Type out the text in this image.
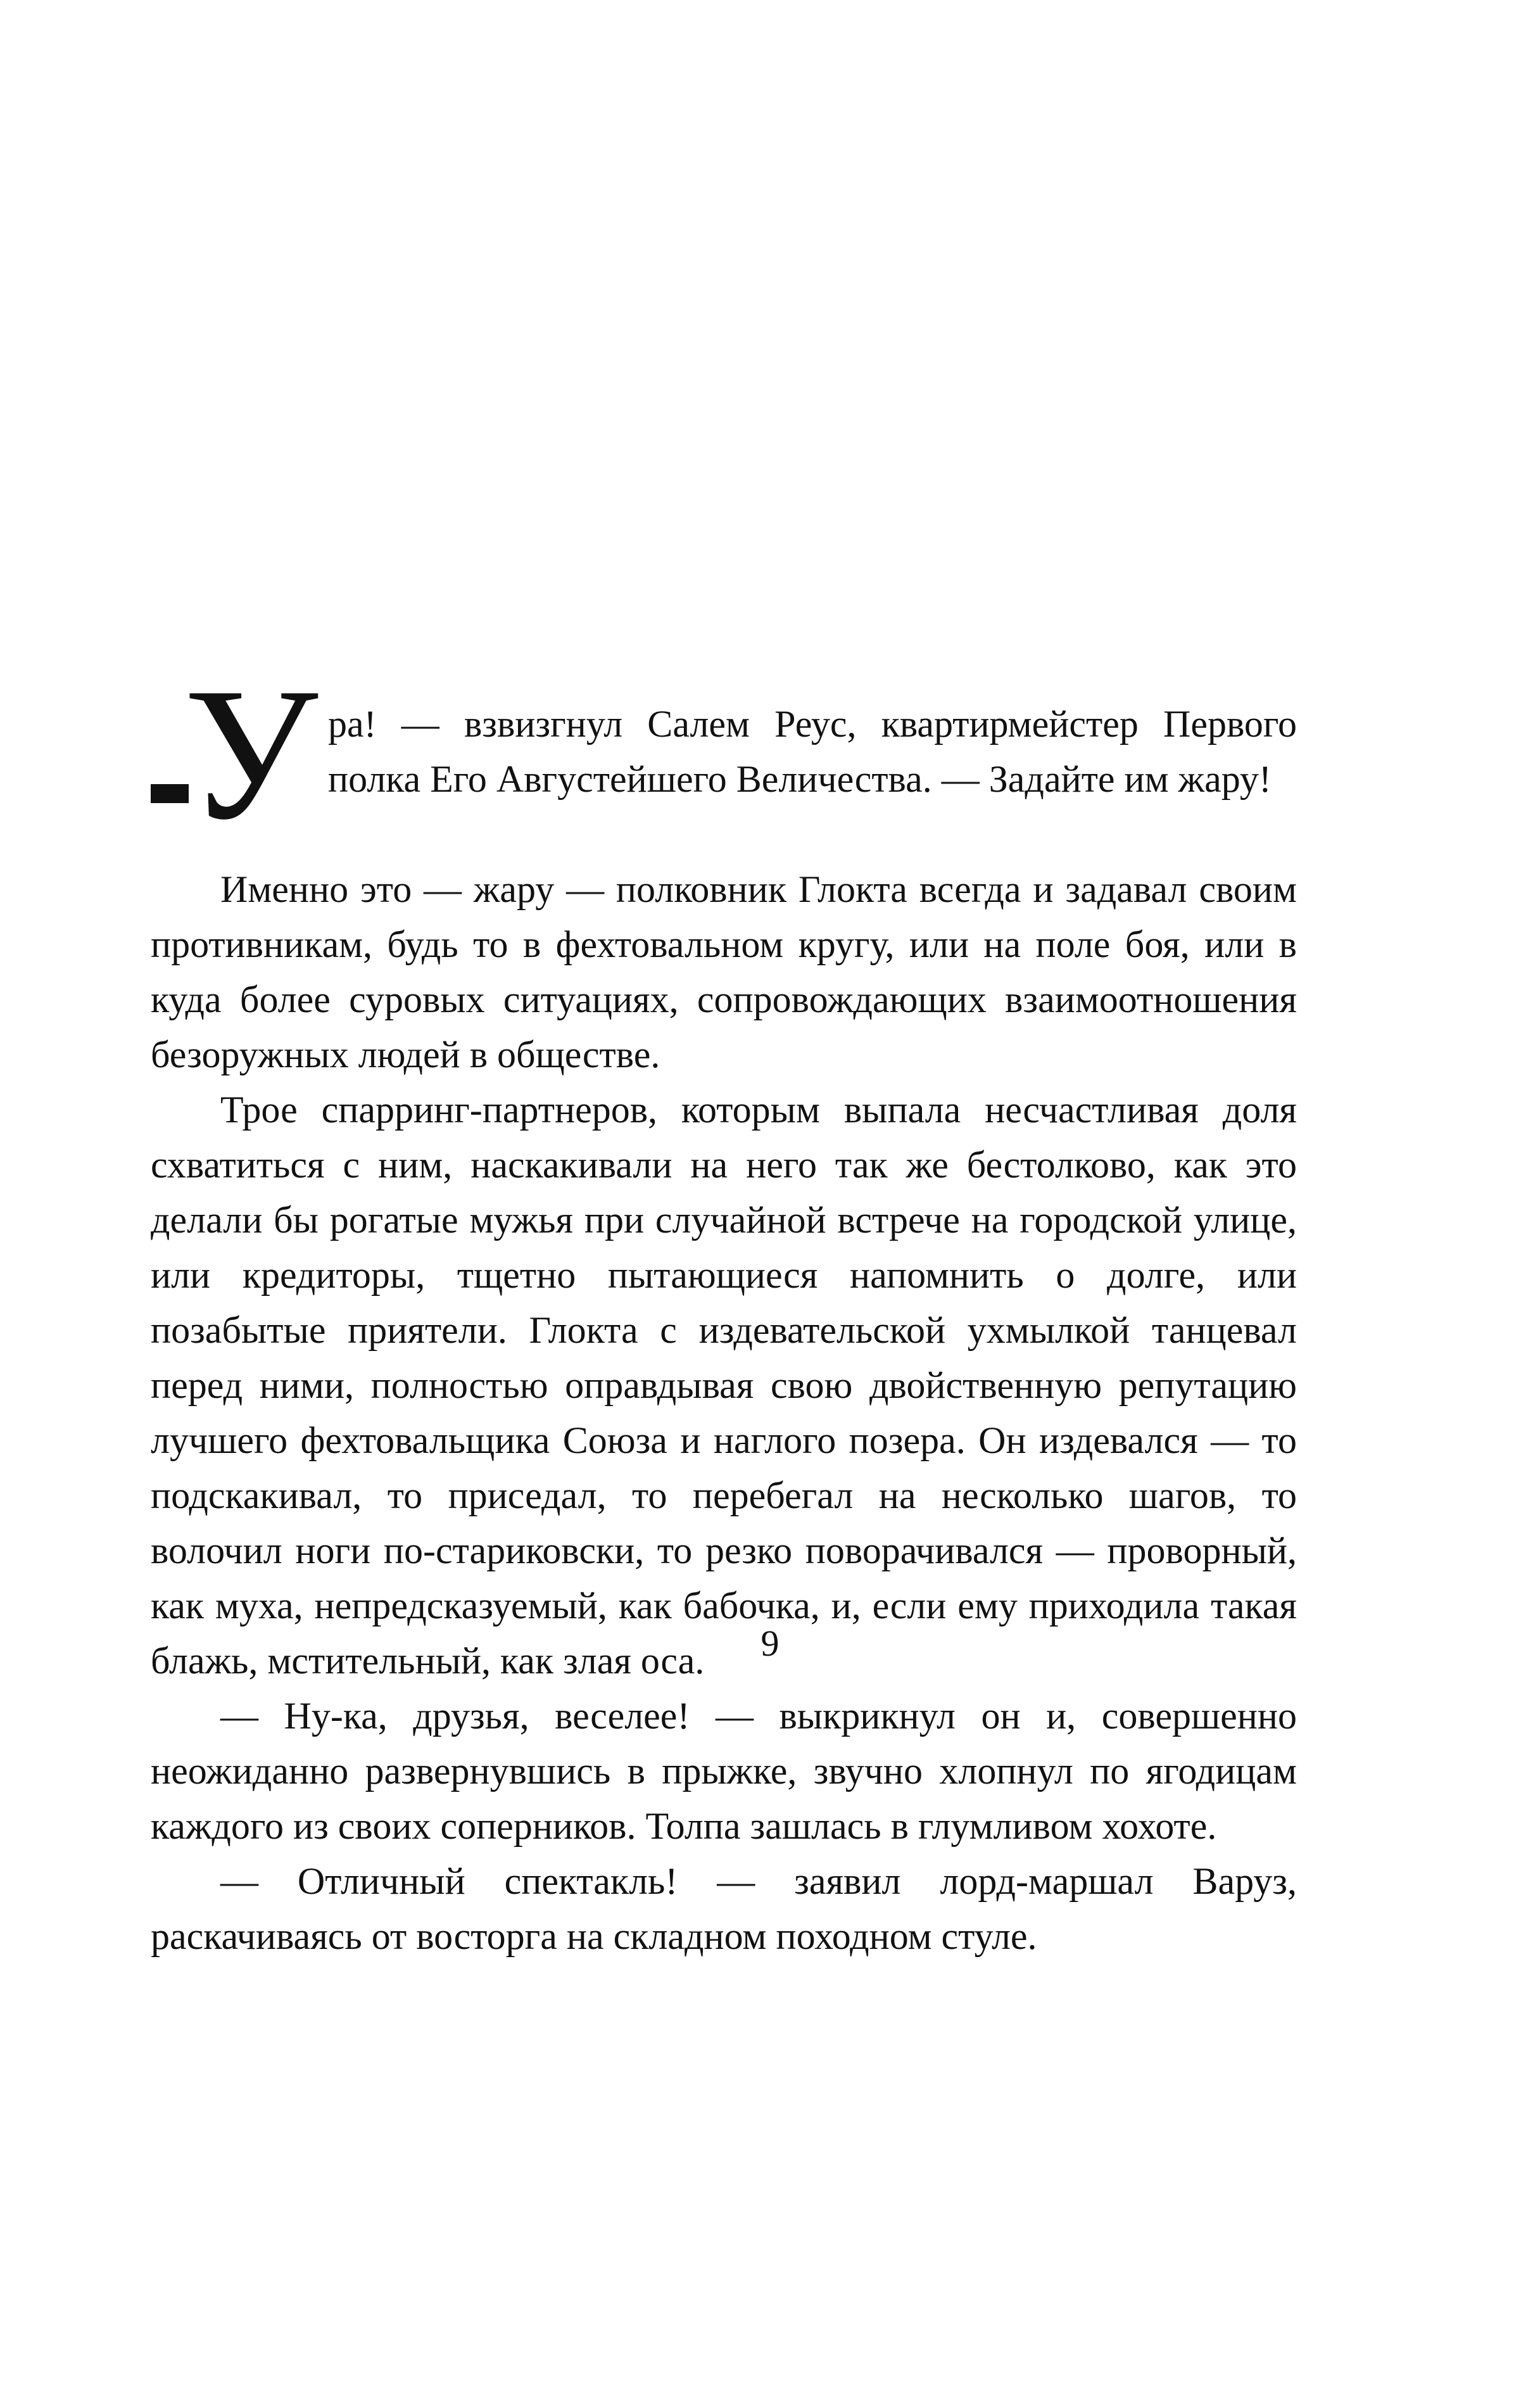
У ра! — взвизгнул Салем Реус, квартирмейстер Первого полка Его Августейшего Величества. — Задайте им жару!

Именно это — жару — полковник Глокта всегда и задавал своим противникам, будь то в фехтовальном кругу, или на поле боя, или в куда более суровых ситуациях, сопровождающих взаимоотношения безоружных людей в обществе.

Трое спарринг-партнеров, которым выпала несчастливая доля схватиться с ним, наскакивали на него так же бестолково, как это делали бы рогатые мужья при случайной встрече на городской улице, или кредиторы, тщетно пытающиеся напомнить о долге, или позабытые приятели. Глокта с издевательской ухмылкой танцевал перед ними, полностью оправдывая свою двойственную репутацию лучшего фехтовальщика Союза и наглого позера. Он издевался — то подскакивал, то приседал, то перебегал на несколько шагов, то волочил ноги по-стариковски, то резко поворачивался — проворный, как муха, непредсказуемый, как бабочка, и, если ему приходила такая блажь, мстительный, как злая оса.

— Ну-ка, друзья, веселее! — выкрикнул он и, совершенно неожиданно развернувшись в прыжке, звучно хлопнул по ягодицам каждого из своих соперников. Толпа зашлась в глумливом хохоте.

— Отличный спектакль! — заявил лорд-маршал Варуз, раскачиваясь от восторга на складном походном стуле.

9
